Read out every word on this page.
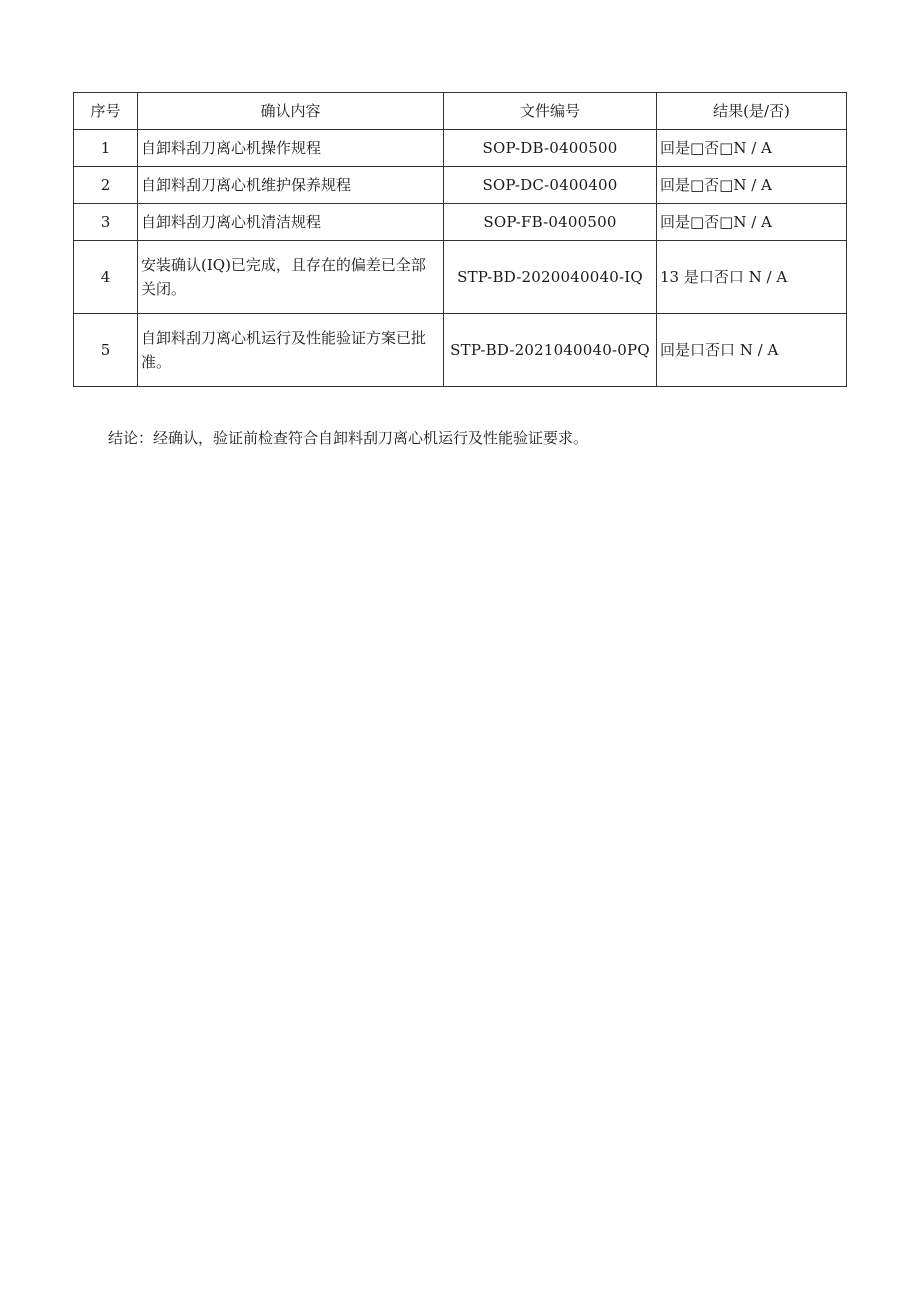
序号	确认内容	文件编号	结果(是/否)
1	自卸料刮刀离心机操作规程	SOP-DB-0400500	回是□否□N / A
2	自卸料刮刀离心机维护保养规程	SOP-DC-0400400	回是□否□N / A
3	自卸料刮刀离心机清洁规程	SOP-FB-0400500	回是□否□N / A
4	安装确认(IQ)已完成，且存在的偏差已全部关闭。	STP-BD-2020040040-IQ	13 是口否口 N / A
5	自卸料刮刀离心机运行及性能验证方案已批准。	STP-BD-2021040040-0PQ	回是口否口 N / A
结论：经确认，验证前检查符合自卸料刮刀离心机运行及性能验证要求。
